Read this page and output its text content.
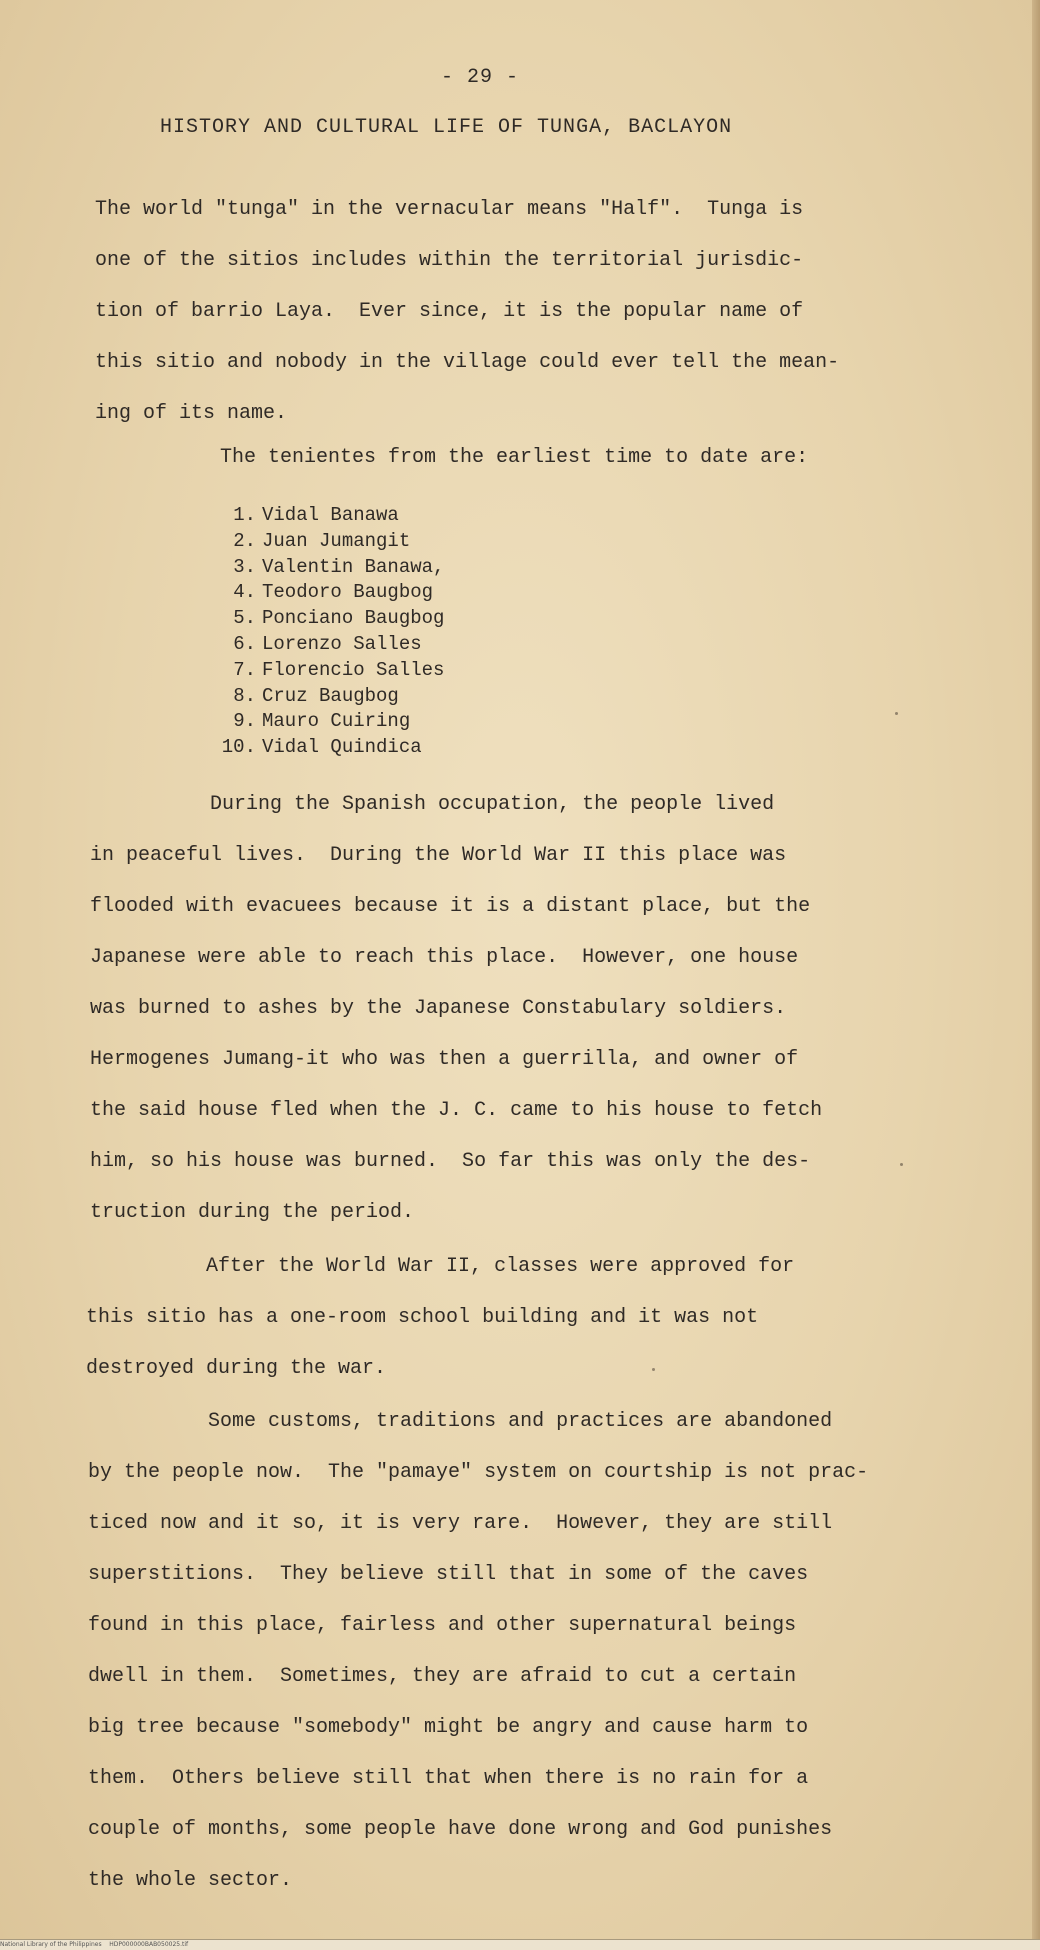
- 29 -
HISTORY AND CULTURAL LIFE OF TUNGA, BACLAYON
The world "tunga" in the vernacular means "Half".  Tunga is
one of the sitios includes within the territorial jurisdic-
tion of barrio Laya.  Ever since, it is the popular name of
this sitio and nobody in the village could ever tell the mean-
ing of its name.
The tenientes from the earliest time to date are:
1. Vidal Banawa
2. Juan Jumangit
3. Valentin Banawa,
4. Teodoro Baugbog
5. Ponciano Baugbog
6. Lorenzo Salles
7. Florencio Salles
8. Cruz Baugbog
9. Mauro Cuiring
10. Vidal Quindica
During the Spanish occupation, the people lived
in peaceful lives.  During the World War II this place was
flooded with evacuees because it is a distant place, but the
Japanese were able to reach this place.  However, one house
was burned to ashes by the Japanese Constabulary soldiers.
Hermogenes Jumang-it who was then a guerrilla, and owner of
the said house fled when the J. C. came to his house to fetch
him, so his house was burned.  So far this was only the des-
truction during the period.
After the World War II, classes were approved for
this sitio has a one-room school building and it was not
destroyed during the war.
Some customs, traditions and practices are abandoned
by the people now.  The "pamaye" system on courtship is not prac-
ticed now and it so, it is very rare.  However, they are still
superstitions.  They believe still that in some of the caves
found in this place, fairless and other supernatural beings
dwell in them.  Sometimes, they are afraid to cut a certain
big tree because "somebody" might be angry and cause harm to
them.  Others believe still that when there is no rain for a
couple of months, some people have done wrong and God punishes
the whole sector.
National Library of the Philippines    HDP000000BAB050025.tif
